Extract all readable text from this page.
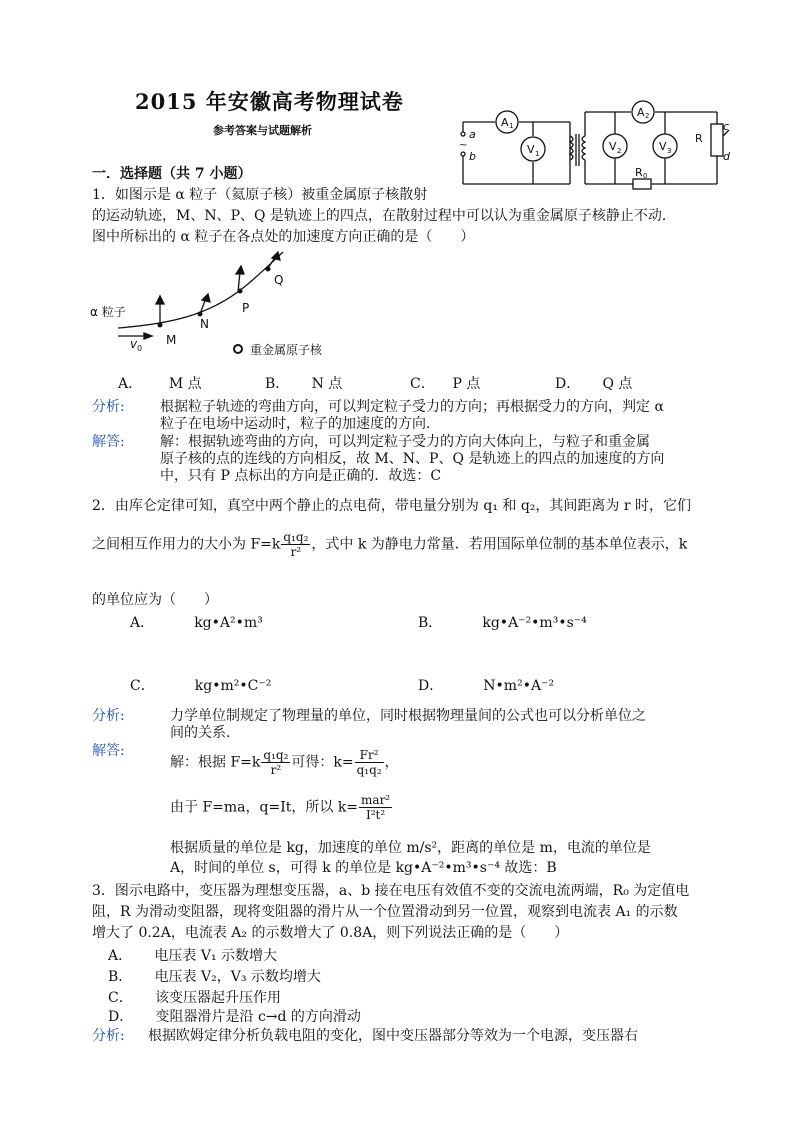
2015 年安徽高考物理试卷
参考答案与试题解析
A 1
V 1
A 2
V 2	V 3
a
b
~
R 0
R
c
d
一．选择题（共 7 小题）
1．如图示是 α 粒子（氦原子核）被重金属原子核散射
的运动轨迹，M、N、P、Q 是轨迹上的四点，在散射过程中可以认为重金属原子核静止不动．
图中所标出的 α 粒子在各点处的加速度方向正确的是（　　）
α 粒子
v 0
M
N
P
Q
重金属原子核
A． M 点	B． N 点	C． P 点	D． Q 点
分析:	根据粒子轨迹的弯曲方向，可以判定粒子受力的方向；再根据受力的方向，判定 α
粒子在电场中运动时，粒子的加速度的方向．
解答:	解：根据轨迹弯曲的方向，可以判定粒子受力的方向大体向上，与粒子和重金属
原子核的点的连线的方向相反，故 M、N、P、Q 是轨迹上的四点的加速度的方向
中，只有 P 点标出的方向是正确的．故选：C
2．由库仑定律可知，真空中两个静止的点电荷，带电量分别为 q₁ 和 q₂，其间距离为 r 时，它们
之间相互作用力的大小为 $F=k \frac{\text{q₁q₂}}{\text{r²}}$ ，式中 k 为静电力常量．若用国际单位制的基本单位表示，k
的单位应为（　　）
A．	kg•A²•m³	B．	kg•A⁻²•m³•s⁻⁴
C．	kg•m²•C⁻²	D．	N•m²•A⁻²
分析:	力学单位制规定了物理量的单位，同时根据物理量间的公式也可以分析单位之
间的关系．
解答:
解：根据 $F=k \frac{\text{q₁q₂}}{\text{r²}}$ 可得：$k= \frac{\text{Fr²}}{\text{q₁q₂}}$ ，
由于 F=ma，q=It，所以 $k= \frac{\text{mar²}}{\text{I²t²}}$
根据质量的单位是 kg，加速度的单位 m/s²，距离的单位是 m，电流的单位是
A，时间的单位 s，可得 k 的单位是 kg•A⁻²•m³•s⁻⁴ 故选：B
3．图示电路中，变压器为理想变压器，a、b 接在电压有效值不变的交流电流两端，R₀ 为定值电
阻，R 为滑动变阻器，现将变阻器的滑片从一个位置滑动到另一位置，观察到电流表 A₁ 的示数
增大了 0.2A，电流表 A₂ 的示数增大了 0.8A，则下列说法正确的是（　　）
A． 电压表 V₁ 示数增大
B． 电压表 V₂，V₃ 示数均增大
C． 该变压器起升压作用
D． 变阻器滑片是沿 c→d 的方向滑动
分析: 根据欧姆定律分析负载电阻的变化，图中变压器部分等效为一个电源，变压器右
